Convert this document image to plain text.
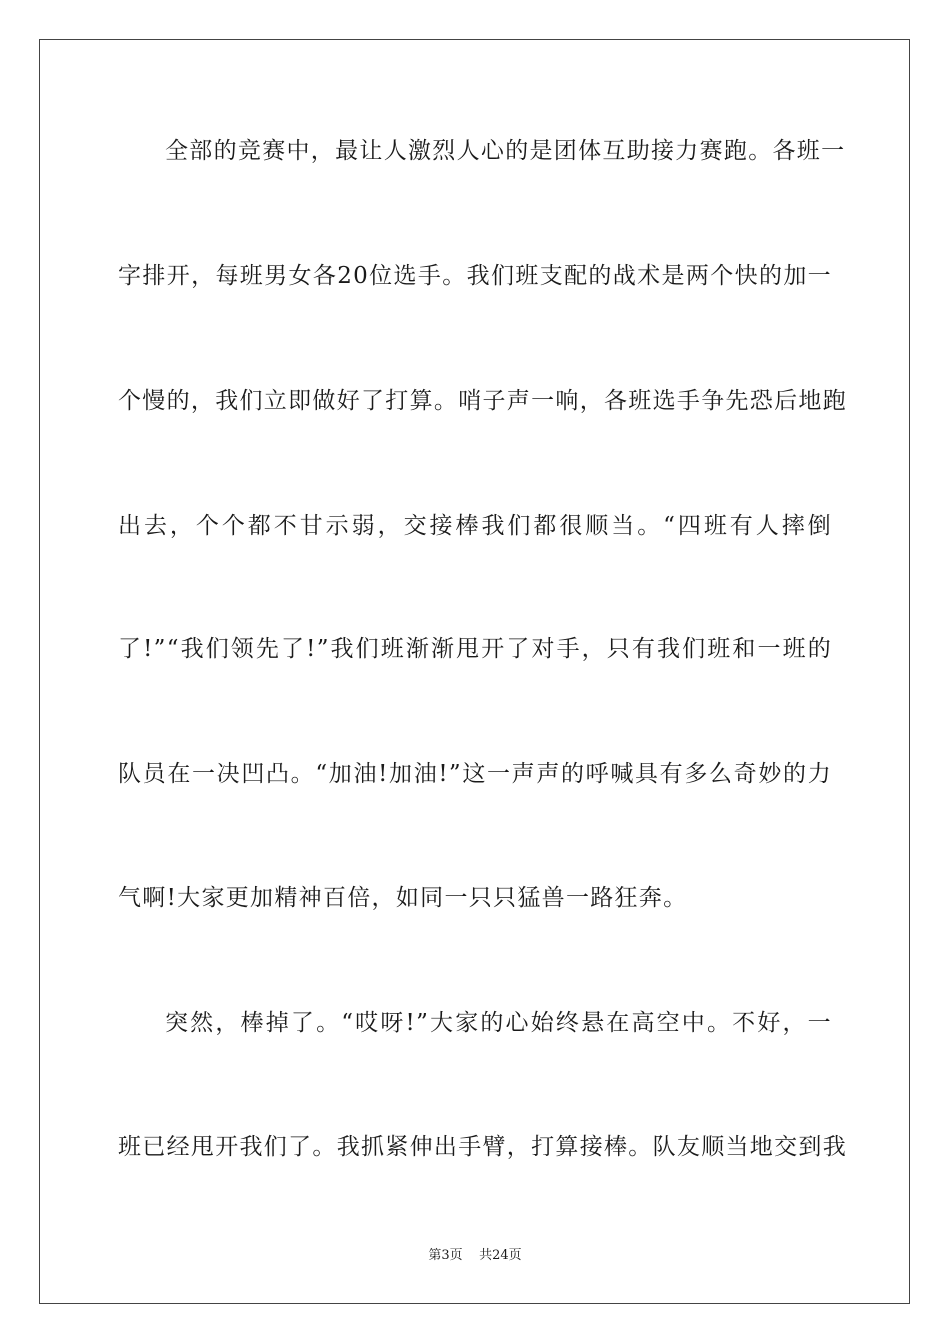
全部的竞赛中，最让人激烈人心的是团体互助接力赛跑。各班一
字排开，每班男女各20位选手。我们班支配的战术是两个快的加一
个慢的，我们立即做好了打算。哨子声一响，各班选手争先恐后地跑
出去，个个都不甘示弱，交接棒我们都很顺当。“四班有人摔倒
了!”“我们领先了!”我们班渐渐甩开了对手，只有我们班和一班的
队员在一决凹凸。“加油!加油!”这一声声的呼喊具有多么奇妙的力
气啊!大家更加精神百倍，如同一只只猛兽一路狂奔。
突然，棒掉了。“哎呀!”大家的心始终悬在高空中。不好，一
班已经甩开我们了。我抓紧伸出手臂，打算接棒。队友顺当地交到我
第3页    共24页
